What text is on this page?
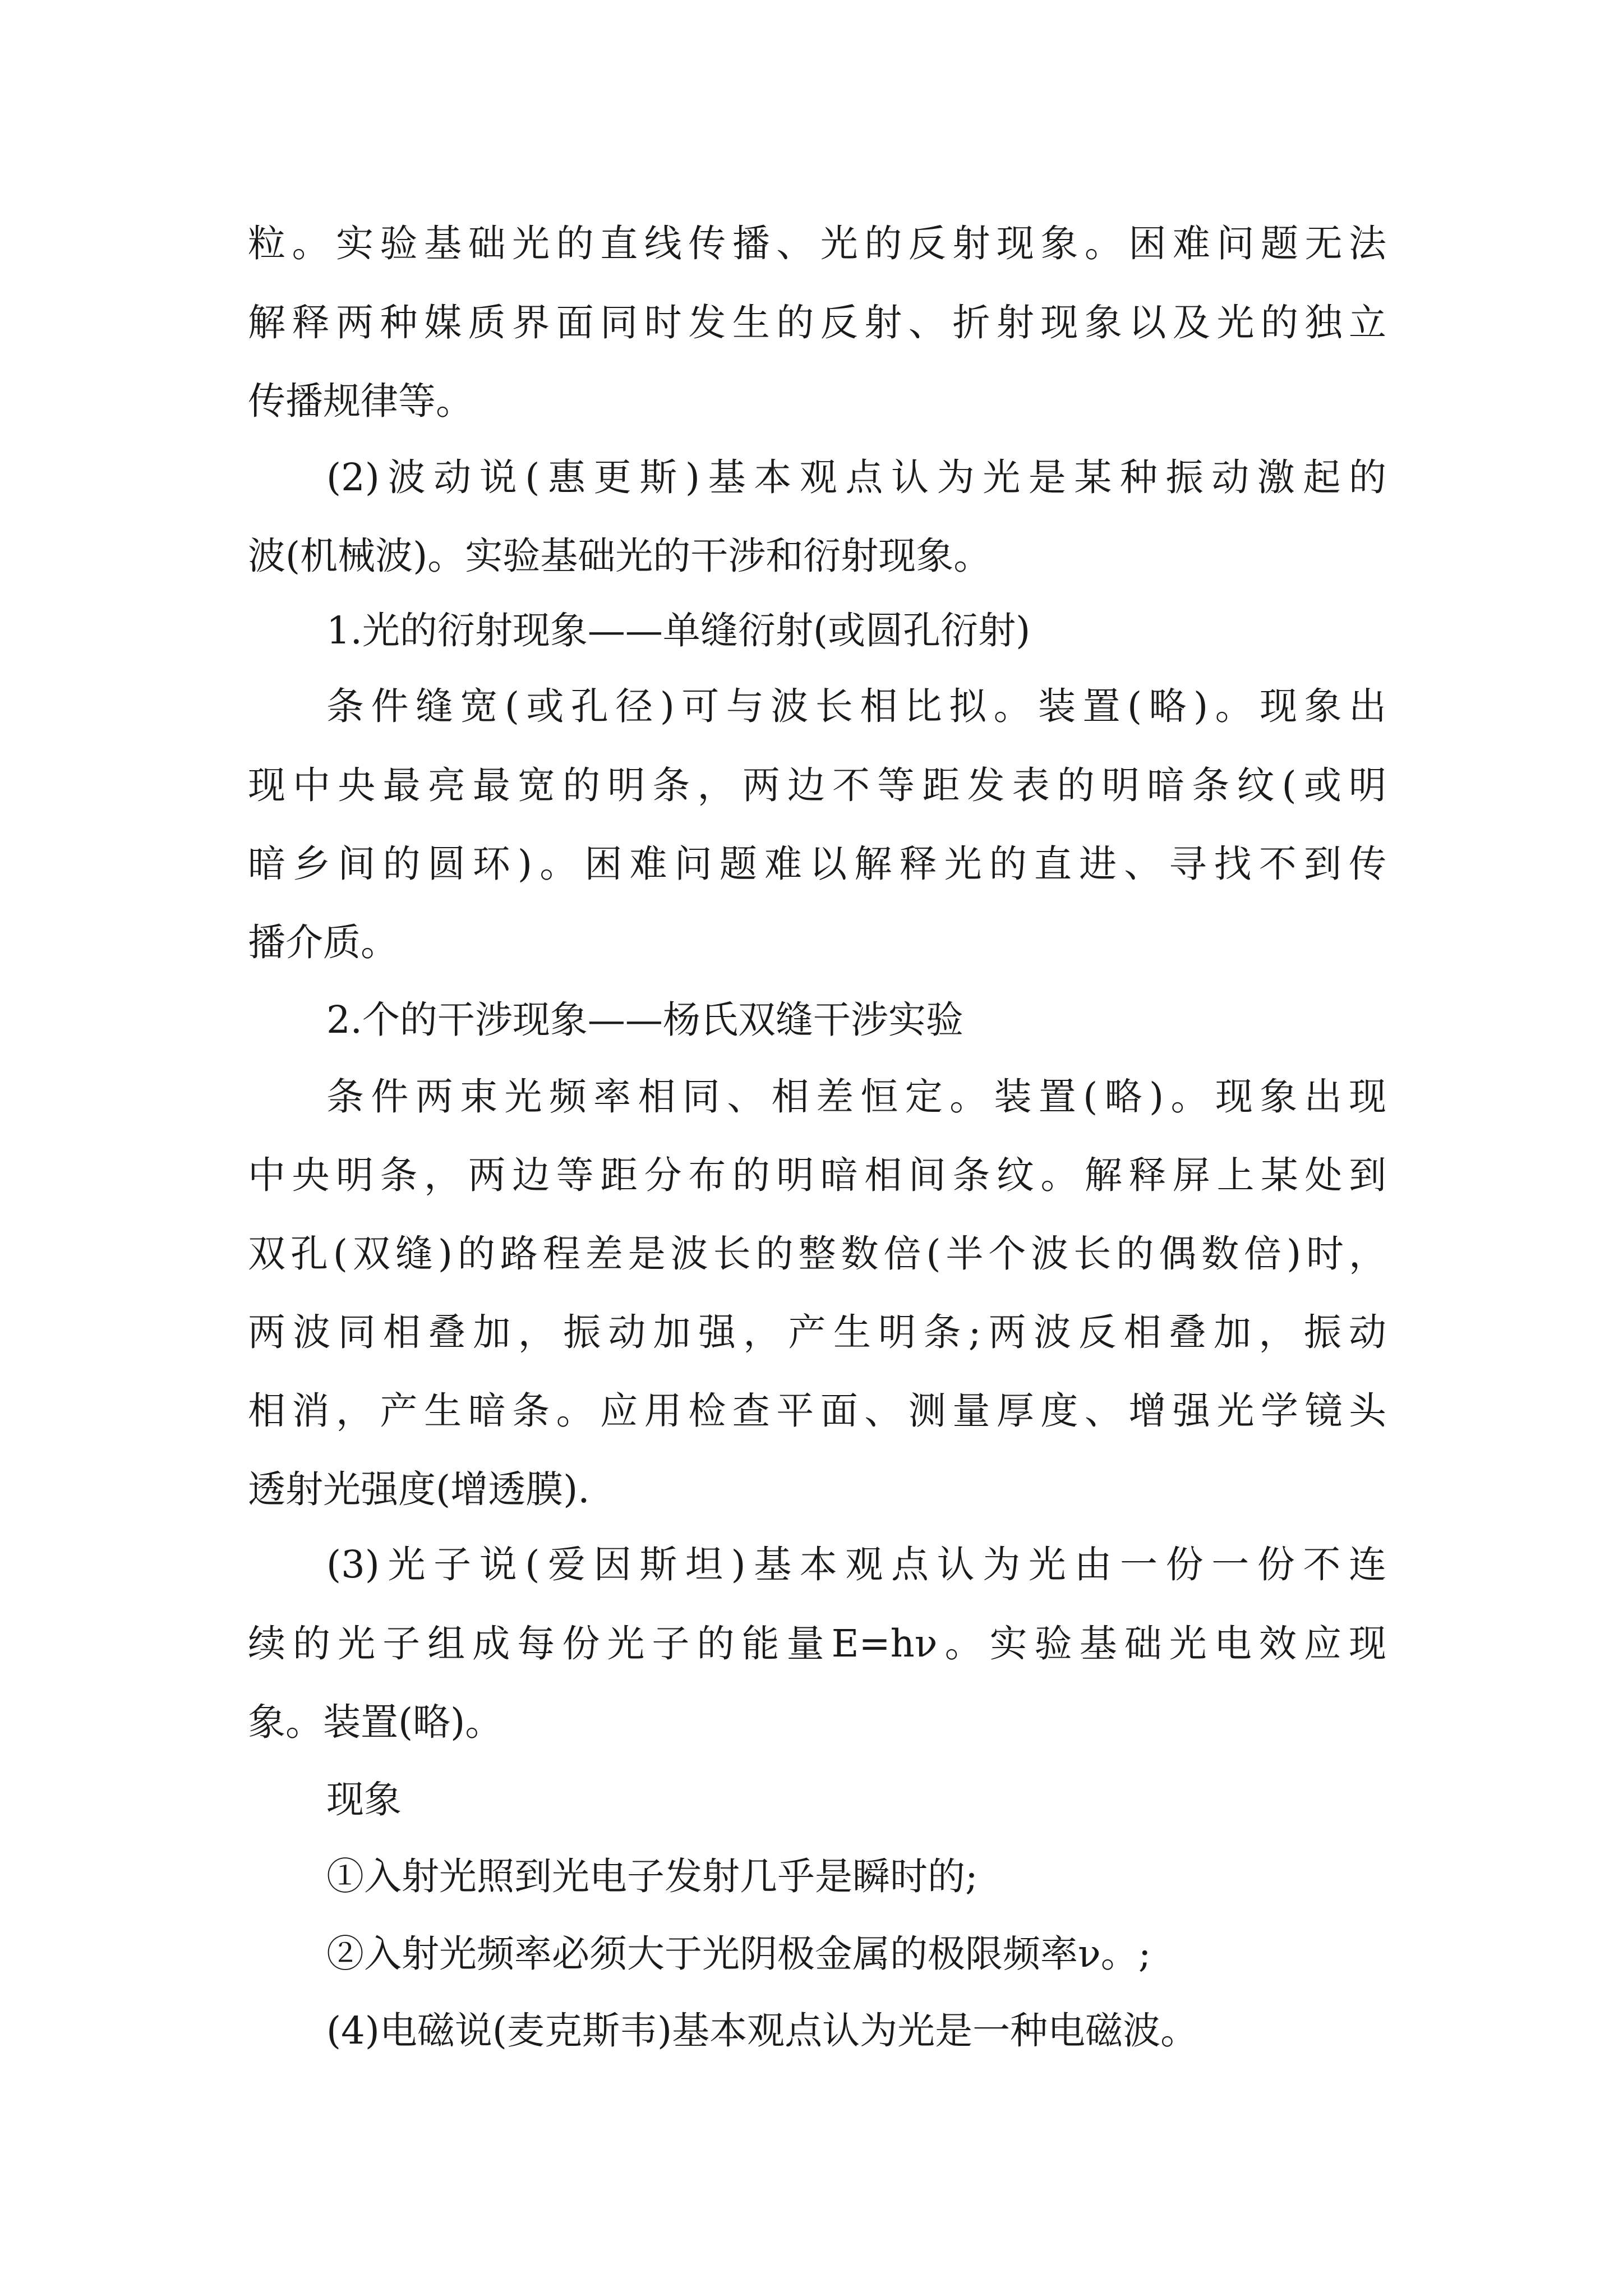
粒。实验基础光的直线传播、光的反射现象。困难问题无法
解释两种媒质界面同时发生的反射、折射现象以及光的独立
传播规律等。
(2)波动说(惠更斯)基本观点认为光是某种振动激起的
波(机械波)。实验基础光的干涉和衍射现象。
1.光的衍射现象——单缝衍射(或圆孔衍射)
条件缝宽(或孔径)可与波长相比拟。装置(略)。现象出
现中央最亮最宽的明条，两边不等距发表的明暗条纹(或明
暗乡间的圆环)。困难问题难以解释光的直进、寻找不到传
播介质。
2.个的干涉现象——杨氏双缝干涉实验
条件两束光频率相同、相差恒定。装置(略)。现象出现
中央明条，两边等距分布的明暗相间条纹。解释屏上某处到
双孔(双缝)的路程差是波长的整数倍(半个波长的偶数倍)时，
两波同相叠加，振动加强，产生明条;两波反相叠加，振动
相消，产生暗条。应用检查平面、测量厚度、增强光学镜头
透射光强度(增透膜).
(3)光子说(爱因斯坦)基本观点认为光由一份一份不连
续的光子组成每份光子的能量E=hν。实验基础光电效应现
象。装置(略)。
现象
①入射光照到光电子发射几乎是瞬时的;
②入射光频率必须大于光阴极金属的极限频率ν。;
(4)电磁说(麦克斯韦)基本观点认为光是一种电磁波。
